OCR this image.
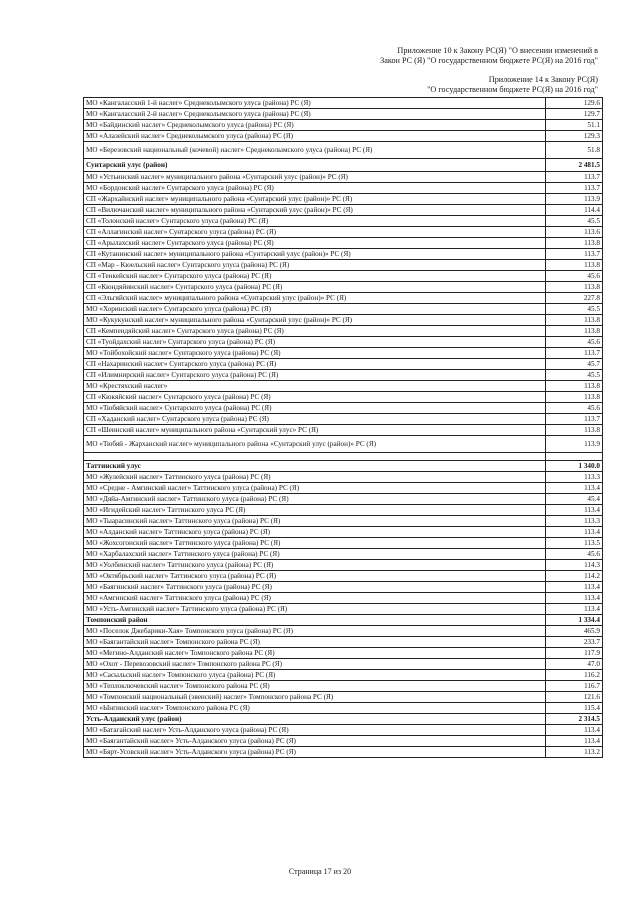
Приложение 10 к Закону РС(Я) "О внесении изменений в
Закон РС (Я) "О государственном бюджете РС(Я) на 2016 год"
Приложение 14 к Закону РС(Я)
"О государственном бюджете РС(Я) на 2016 год"
МО «Кангаласский 1-й наслег» Среднеколымского улуса (района) РС (Я)	129.6
МО «Кангаласский 2-й наслег» Среднеколымского улуса (района) РС (Я)	129.7
МО «Байдинский наслег» Среднеколымского улуса (района) РС (Я)	51.1
МО «Алазейский наслег» Среднеколымского улуса (района) РС (Я)	129.3
МО «Березовский национальный (кочевой) наслег» Среднеколымского улуса (района) РС (Я)	51.8
Сунтарский улус (район)	2 481.5
МО «Устьинский наслег» муниципального района «Сунтарский улус (район)» РС (Я)	113.7
МО «Бордонский наслег» Сунтарского улуса (района) РС (Я)	113.7
СП «Жархайнский наслег» муниципального района «Сунтарский улус (район)» РС (Я)	113.9
СП «Вилючанский наслег» муниципального района «Сунтарский улус (район)» РС (Я)	114.4
СП «Толонский наслег» Сунтарского улуса (района) РС (Я)	45.5
СП «Аллагинский наслег» Сунтарского улуса (района) РС (Я)	113.6
СП «Арылахский наслег» Сунтарского улуса (района) РС (Я)	113.8
СП «Кутанинский наслег» муниципального района «Сунтарский улус (район)» РС (Я)	113.7
СП «Мар - Кюельский наслег» Сунтарского улуса (района) РС (Я)	113.8
СП «Тенкейский наслег» Сунтарского улуса (района) РС (Я)	45.6
СП «Кюндяйинский наслег» Сунтарского улуса (района) РС (Я)	113.8
СП «Эльгяйский наслег» муниципального района «Сунтарский улус (район)» РС (Я)	227.8
МО «Хоринский наслег» Сунтарского улуса (района) РС (Я)	45.5
МО «Кукукунский наслег» муниципального района «Сунтарский улус (район)» РС (Я)	113.8
СП «Кемпендяйский наслег» Сунтарского улуса (района) РС (Я)	113.8
СП «Туойдахский наслег» Сунтарского улуса (района) РС (Я)	45.6
МО «Тойбохойский наслег» Сунтарского улуса (района) РС (Я)	113.7
СП «Нахаринский наслег» Сунтарского улуса (района) РС (Я)	45.7
СП «Илимнирский наслег» Сунтарского улуса (района) РС (Я)	45.5
МО «Крестяхский наслег»	113.8
СП «Кюкяйский наслег» Сунтарского улуса (района) РС (Я)	113.8
МО «Тюбяйский наслег» Сунтарского улуса (района) РС (Я)	45.6
СП «Хаданский наслег» Сунтарского улуса (района) РС (Я)	113.7
СП «Шеинский наслег» муниципального района «Сунтарский улус» РС (Я)	113.8
МО «Тюбяй - Жарханский наслег» муниципального района «Сунтарский улус (район)» РС (Я)	113.9

Таттинский улус	1 340.0
МО «Жулейский наслег» Таттинского улуса (района) РС (Я)	113.3
МО «Средне - Амгинский наслег» Таттинского улуса (района) РС (Я)	113.4
МО «Дяйа-Амгинский наслег» Таттинского улуса (района) РС (Я)	45.4
МО «Игидейский наслег» Таттинского улуса РС (Я)	113.4
МО «Тыарасинский наслег» Таттинского улуса (района) РС (Я)	113.3
МО «Алданский наслег» Таттинского улуса (района) РС (Я)	113.4
МО «Жохсогонский наслег» Таттинского улуса (района) РС (Я)	113.5
МО «Харбалахский наслег» Таттинского улуса (района) РС (Я)	45.6
МО «Уолбинский наслег» Таттинского улуса (района) РС (Я)	114.3
МО «Октябрьский наслег» Таттинского улуса (района) РС (Я)	114.2
МО «Баягинский наслег» Таттинского улуса (района) РС (Я)	113.4
МО «Амгинский наслег» Таттинского улуса (района) РС (Я)	113.4
МО «Усть-Амгинский наслег» Таттинского улуса (района) РС (Я)	113.4
Томпонский район	1 334.4
МО «Поселок Джебарики-Хая» Томпонского улуса (района) РС (Я)	465.9
МО «Баягантайский наслег» Томпонского района РС (Я)	233.7
МО «Мегино-Алданский наслег» Томпонского района РС (Я)	117.9
МО «Охот - Перевозовский наслег» Томпонского района РС (Я)	47.0
МО «Сасыльский наслег» Томпонского улуса (района) РС (Я)	116.2
МО «Теплоключевский наслег» Томпонского района РС (Я)	116.7
МО «Томпонский национальный (эвенский) наслег» Томпонского района РС (Я)	121.6
МО «Ынгинский наслег» Томпонского района РС (Я)	115.4
Усть-Алданский улус (район)	2 314.5
МО «Батагайский наслег» Усть-Алданского улуса (района) РС (Я)	113.4
МО «Баягантайский наслег» Усть-Алданского улуса (района) РС (Я)	113.4
МО «Бярт-Усовский наслег» Усть-Алданского улуса (района) РС (Я)	113.2
Страница 17 из 20
